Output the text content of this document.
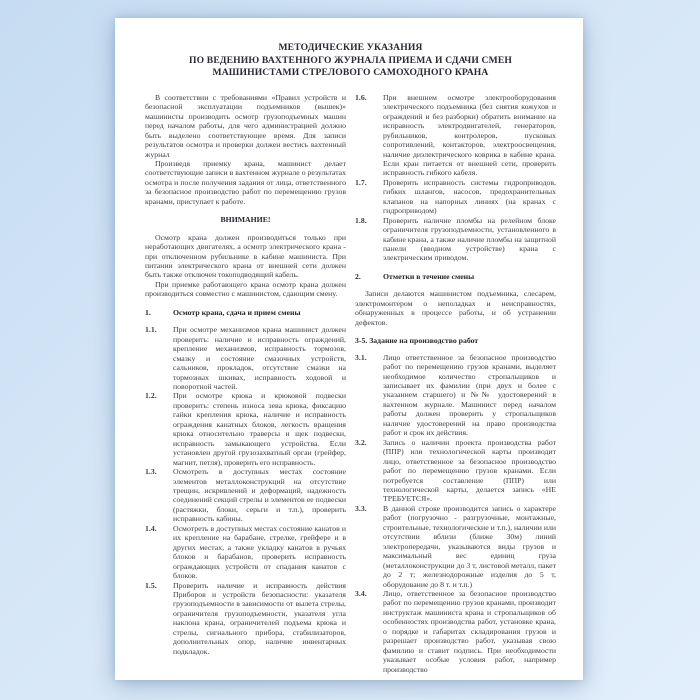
МЕТОДИЧЕСКИЕ УКАЗАНИЯ
ПО ВЕДЕНИЮ ВАХТЕННОГО ЖУРНАЛА ПРИЕМА И СДАЧИ СМЕН
МАШИНИСТАМИ СТРЕЛОВОГО САМОХОДНОГО КРАНА

В соответствии с требованиями «Правил устройств и безопасной эксплуатации подъемников (вышек)» машинисты производить осмотр грузоподъемных машин перед началом работы, для чего администрацией должно быть выделено соответствующее время. Для записи результатов осмотра и проверки должен вестись вахтенный журнал

Произведя приемку крана, машинист делает соответствующие записи в вахтенном журнале о результатах осмотра и после получения задания от лица, ответственного за безопасное производство работ по перемещению грузов кранами, приступает к работе.

ВНИМАНИЕ!

Осмотр крана должен производиться только при неработающих двигателях, а осмотр электрического крана - при отключенном рубильнике в кабине машиниста. При питании электрического крана от внешней сети должен быть также отключен токоподводящий кабель.

При приемке работающего крана осмотр крана должен производиться совместно с машинистом, сдающим смену.

1.	Осмотр крана, сдача и прием смены
1.1.	При осмотре механизмов крана машинист должен проверить: наличие и исправность ограждений, крепление механизмов, исправность тормозов, смазку и состояние смазочных устройств, сальников, прокладок, отсутствие смазки на тормозных шкивах, исправность ходовой и поворотной частей.
1.2.	При осмотре крюка и крюковой подвески проверить: степень износа зева крюка, фиксацию гайки крепления крюка, наличие и исправность ограждения канатных блоков, легкость вращения крюка относительно траверсы и щек подвески, исправность замыкающего устройства. Если установлен другой грузозахватный орган (грейфер, магнит, петля), проверить его исправность.
1.3.	Осмотреть в доступных местах состояние элементов металлоконструкций на отсутствие трещин, искривлений и деформаций, надежность соединений секций стрелы и элементов ее подвески (растяжки, блоки, серьги и т.п.), проверить исправность кабины.
1.4.	Осмотреть в доступных местах состояние канатов и их крепление на барабане, стрелке, грейфере и в других местах, а также укладку канатов в ручьях блоков и барабанов, проверить исправность ограждающих устройств от спадания канатов с блоков.
1.5.	Проверить наличие и исправность действия Приборов и устройств безопасности: указателя грузоподъемности в зависимости от вылета стрелы, ограничителя грузоподъемности, указателя угла наклона крана, ограничителей подъема крюка и стрелы, сигнального прибора, стабилизаторов, дополнительных опор, наличие инвентарных подкладок.
1.6.	При внешнем осмотре электрооборудования электрического подъемника (без снятия кожухов и ограждений и без разборки) обратить внимание на исправность электродвигателей, генераторов, рубильников, контролеров, пусковых сопротивлений, контакторов, электроосвещения, наличие диэлектрического коврика в кабине крана. Если кран питается от внешней сети, проверить исправность гибкого кабеля.
1.7.	Проверить исправность системы гидроприводов, гибких шлангов, насосов, предохранительных клапанов на напорных линиях (на кранах с гидроприводом)
1.8.	Проверить наличие пломбы на релейном блоке ограничителя грузоподъемности, установленного в кабине крана, а также наличие пломбы на защитной панели (вводном устройстве) крана с электрическим приводом.
2.	Отметки в течение смены

Записи делаются машинистом подъемника, слесарем, электромонтером о неполадках и неисправностях, обнаруженных в процессе работы, и об устранении дефектов.

3-5. Задание на производство работ
3.1.	Лицо ответственное за безопасное производство работ по перемещению грузов кранами, выделяет необходимое количество стропальщиков и записывает их фамилии (при двух и более с указанием старшего) и №№ удостоверений в вахтенном журнале. Машинист перед началом работы должен проверить у стропальщиков наличие удостоверений на право производства работ и срок их действия.
3.2.	Запись о наличии проекта производства работ (ППР) или технологической карты производит лицо, ответственное за безопасное производство работ по перемещению грузов кранами. Если потребуется составление (ППР) или технологической карты, делается запись «НЕ ТРЕБУЕТСЯ».
3.3.	В данной строке производится запись о характере работ (погрузочно - разгрузочные, монтажные, строительные, технологические и т.п.), наличии или отсутствии вблизи (ближе 30м) линий электропередачи, указываются виды грузов и максимальный вес единиц груза (металлоконструкции до 3 т, листовой металл, пакет до 2 т; железнодорожные изделия до 5 т, оборудование до 8 т. и т.п.)
3.4.	Лицо, ответственное за безопасное производство работ по перемещению грузов кранами, производит инструктаж машиниста крана и стропальщиков об особенностях производства работ, установке крана, о порядке и габаритах складирования грузов и разрешает производство работ, указывая свою фамилию и ставит подпись. При необходимости указывает особые условия работ, например производство
